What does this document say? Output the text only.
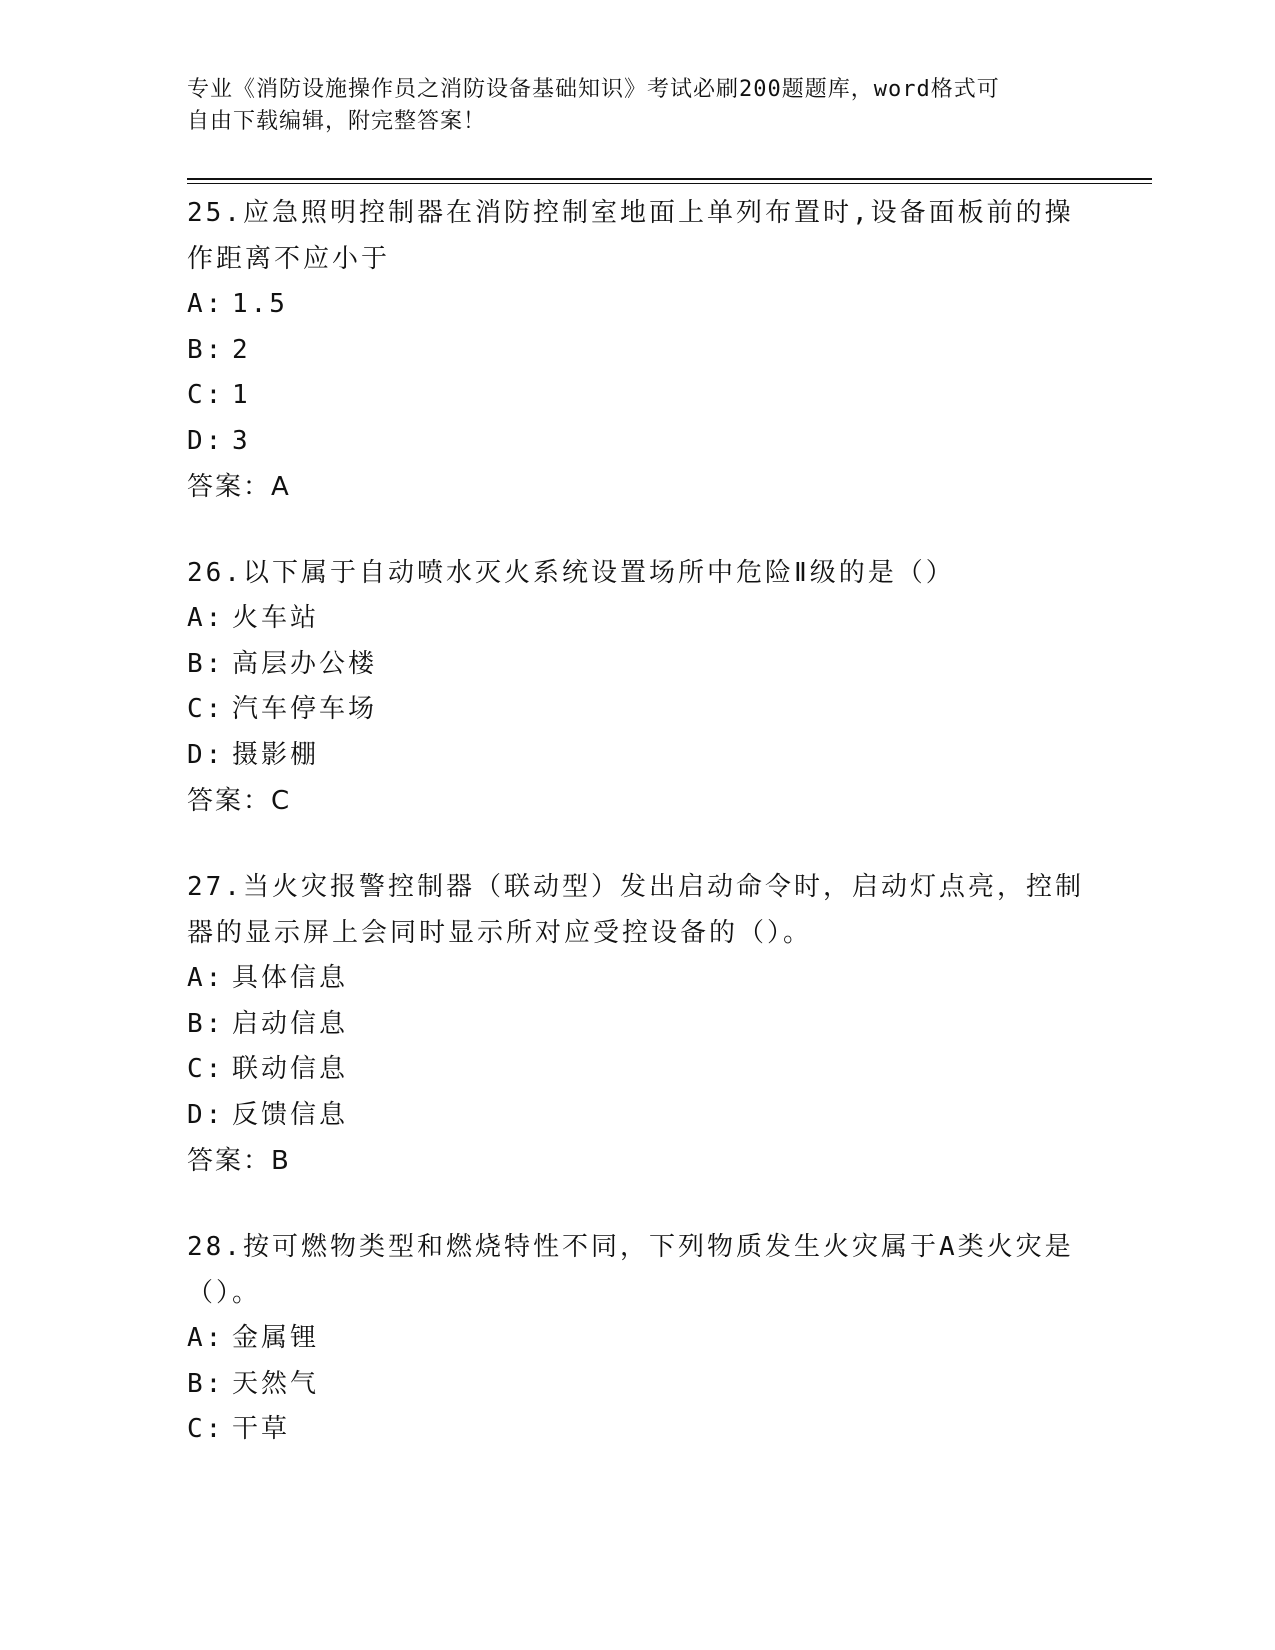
专业《消防设施操作员之消防设备基础知识》考试必刷200题题库，word格式可
自由下载编辑，附完整答案！
25.应急照明控制器在消防控制室地面上单列布置时,设备面板前的操
作距离不应小于
A: 1.5
B: 2
C: 1
D: 3
答案：A
26.以下属于自动喷水灭火系统设置场所中危险Ⅱ级的是（）
A: 火车站
B: 高层办公楼
C: 汽车停车场
D: 摄影棚
答案：C
27.当火灾报警控制器（联动型）发出启动命令时，启动灯点亮，控制
器的显示屏上会同时显示所对应受控设备的（）。
A: 具体信息
B: 启动信息
C: 联动信息
D: 反馈信息
答案：B
28.按可燃物类型和燃烧特性不同，下列物质发生火灾属于A类火灾是
（）。
A: 金属锂
B: 天然气
C: 干草
